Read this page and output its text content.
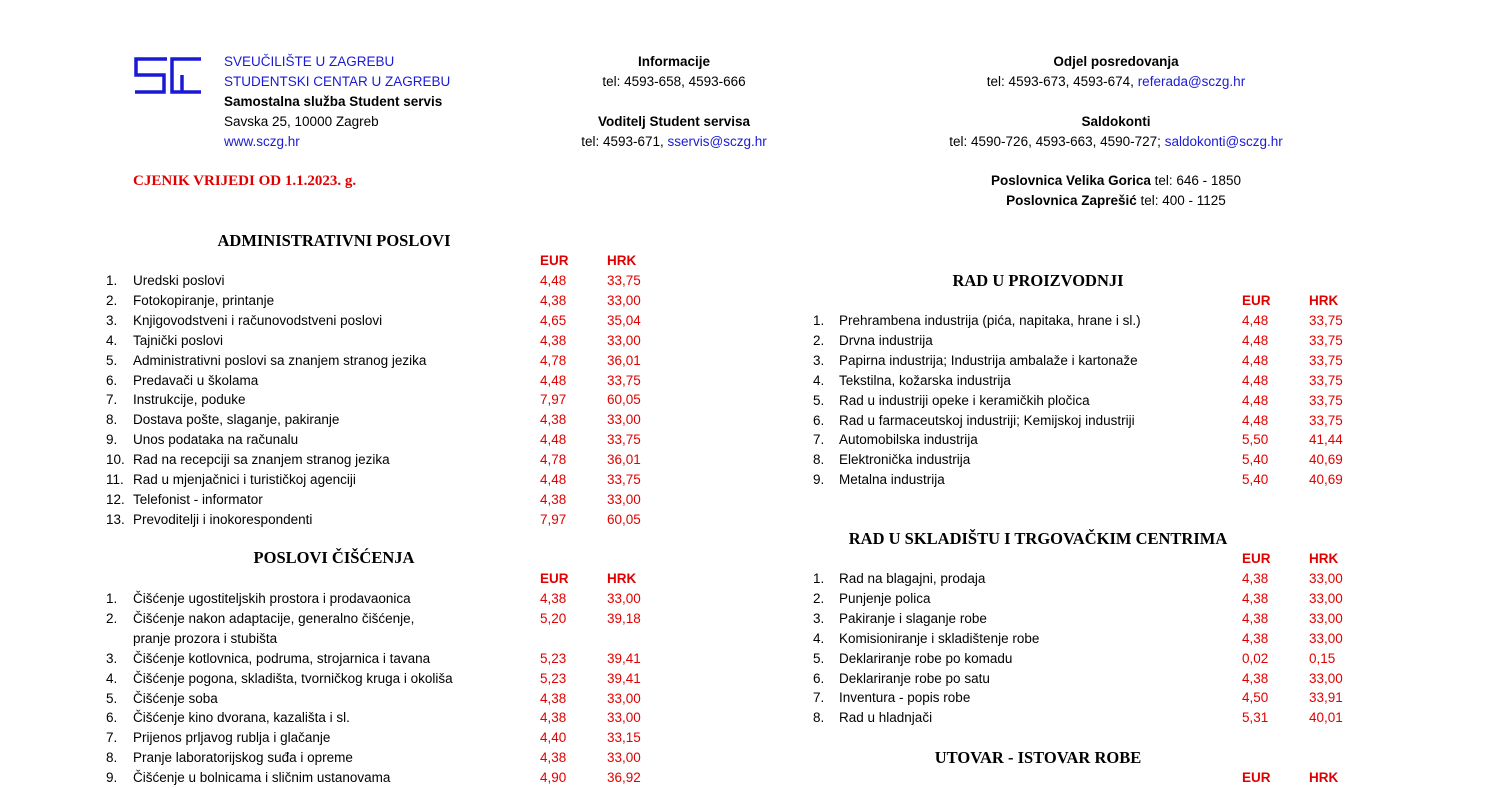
SVEUČILIŠTE U ZAGREBU
STUDENTSKI CENTAR U ZAGREBU
Samostalna služba Student servis
Savska 25, 10000 Zagreb
www.sczg.hr
Informacije
tel: 4593-658, 4593-666
Voditelj Student servisa
tel: 4593-671, sservis@sczg.hr
Odjel posredovanja
tel: 4593-673, 4593-674, referada@sczg.hr
Saldokonti
tel: 4590-726, 4593-663, 4590-727; saldokonti@sczg.hr
CJENIK VRIJEDI OD 1.1.2023. g.	Poslovnica Velika Gorica tel: 646 - 1850
Poslovnica Zaprešić tel: 400 - 1125
ADMINISTRATIVNI POSLOVI
POSLOVI ČIŠĆENJA
RAD U PROIZVODNJI
RAD U SKLADIŠTU I TRGOVAČKIM CENTRIMA
UTOVAR - ISTOVAR ROBE
EUR	HRK
EUR	HRK
EUR	HRK
EUR	HRK
EUR	HRK
1. Uredski poslovi	4,48	33,75
2. Fotokopiranje, printanje	4,38	33,00
3. Knjigovodstveni i računovodstveni poslovi	4,65	35,04
4. Tajnički poslovi	4,38	33,00
5. Administrativni poslovi sa znanjem stranog jezika	4,78	36,01
6. Predavači u školama	4,48	33,75
7. Instrukcije, poduke	7,97	60,05
8. Dostava pošte, slaganje, pakiranje	4,38	33,00
9. Unos podataka na računalu	4,48	33,75
10. Rad na recepciji sa znanjem stranog jezika	4,78	36,01
11. Rad u mjenjačnici i turističkoj agenciji	4,48	33,75
12. Telefonist - informator	4,38	33,00
13. Prevoditelji i inokorespondenti	7,97	60,05
1. Čišćenje ugostiteljskih prostora i prodavaonica	4,38	33,00
2. Čišćenje nakon adaptacije, generalno čišćenje,	5,20	39,18
pranje prozora i stubišta
3. Čišćenje kotlovnica, podruma, strojarnica i tavana	5,23	39,41
4. Čišćenje pogona, skladišta, tvorničkog kruga i okoliša	5,23	39,41
5. Čišćenje soba	4,38	33,00
6. Čišćenje kino dvorana, kazališta i sl.	4,38	33,00
7. Prijenos prljavog rublja i glačanje	4,40	33,15
8. Pranje laboratorijskog suđa i opreme	4,38	33,00
9. Čišćenje u bolnicama i sličnim ustanovama	4,90	36,92
1. Prehrambena industrija (pića, napitaka, hrane i sl.)	4,48	33,75
2. Drvna industrija	4,48	33,75
3. Papirna industrija; Industrija ambalaže i kartonaže	4,48	33,75
4. Tekstilna, kožarska industrija	4,48	33,75
5. Rad u industriji opeke i keramičkih pločica	4,48	33,75
6. Rad u farmaceutskoj industriji; Kemijskoj industriji	4,48	33,75
7. Automobilska industrija	5,50	41,44
8. Elektronička industrija	5,40	40,69
9. Metalna industrija	5,40	40,69
1. Rad na blagajni, prodaja	4,38	33,00
2. Punjenje polica	4,38	33,00
3. Pakiranje i slaganje robe	4,38	33,00
4. Komisioniranje i skladištenje robe	4,38	33,00
5. Deklariranje robe po komadu	0,02	0,15
6. Deklariranje robe po satu	4,38	33,00
7. Inventura - popis robe	4,50	33,91
8. Rad u hladnjači	5,31	40,01
